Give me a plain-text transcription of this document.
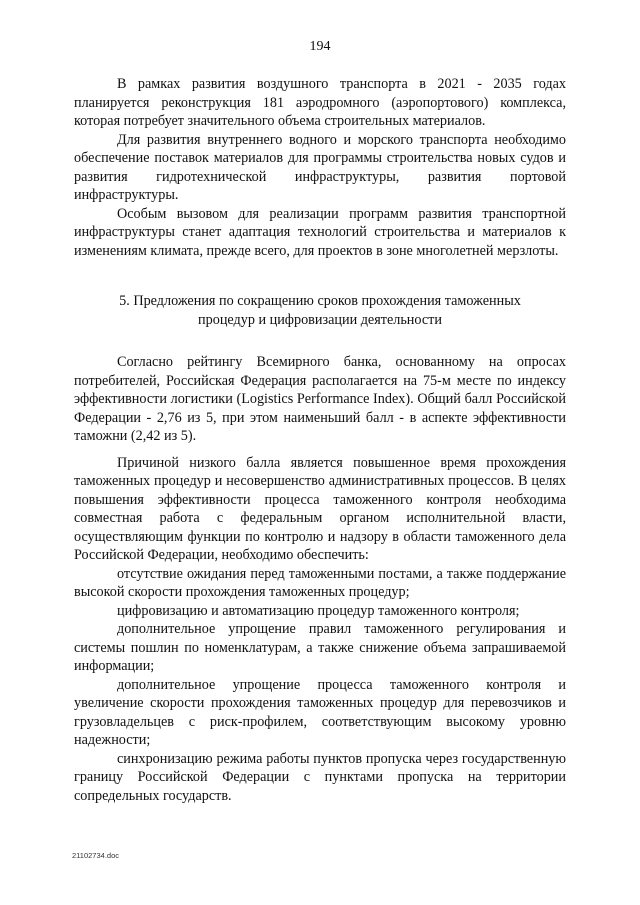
194

В рамках развития воздушного транспорта в 2021 - 2035 годах планируется реконструкция 181 аэродромного (аэропортового) комплекса, которая потребует значительного объема строительных материалов.

Для развития внутреннего водного и морского транспорта необходимо обеспечение поставок материалов для программы строительства новых судов и развития гидротехнической инфраструктуры, развития портовой инфраструктуры.

Особым вызовом для реализации программ развития транспортной инфраструктуры станет адаптация технологий строительства и материалов к изменениям климата, прежде всего, для проектов в зоне многолетней мерзлоты.

5. Предложения по сокращению сроков прохождения таможенных
процедур и цифровизации деятельности

Согласно рейтингу Всемирного банка, основанному на опросах потребителей, Российская Федерация располагается на 75-м месте по индексу эффективности логистики (Logistics Performance Index). Общий балл Российской Федерации - 2,76 из 5, при этом наименьший балл - в аспекте эффективности таможни (2,42 из 5).

Причиной низкого балла является повышенное время прохождения таможенных процедур и несовершенство административных процессов. В целях повышения эффективности процесса таможенного контроля необходима совместная работа с федеральным органом исполнительной власти, осуществляющим функции по контролю и надзору в области таможенного дела Российской Федерации, необходимо обеспечить:

отсутствие ожидания перед таможенными постами, а также поддержание высокой скорости прохождения таможенных процедур;

цифровизацию и автоматизацию процедур таможенного контроля;

дополнительное упрощение правил таможенного регулирования и системы пошлин по номенклатурам, а также снижение объема запрашиваемой информации;

дополнительное упрощение процесса таможенного контроля и увеличение скорости прохождения таможенных процедур для перевозчиков и грузовладельцев с риск-профилем, соответствующим высокому уровню надежности;

синхронизацию режима работы пунктов пропуска через государственную границу Российской Федерации с пунктами пропуска на территории сопредельных государств.

21102734.doc
